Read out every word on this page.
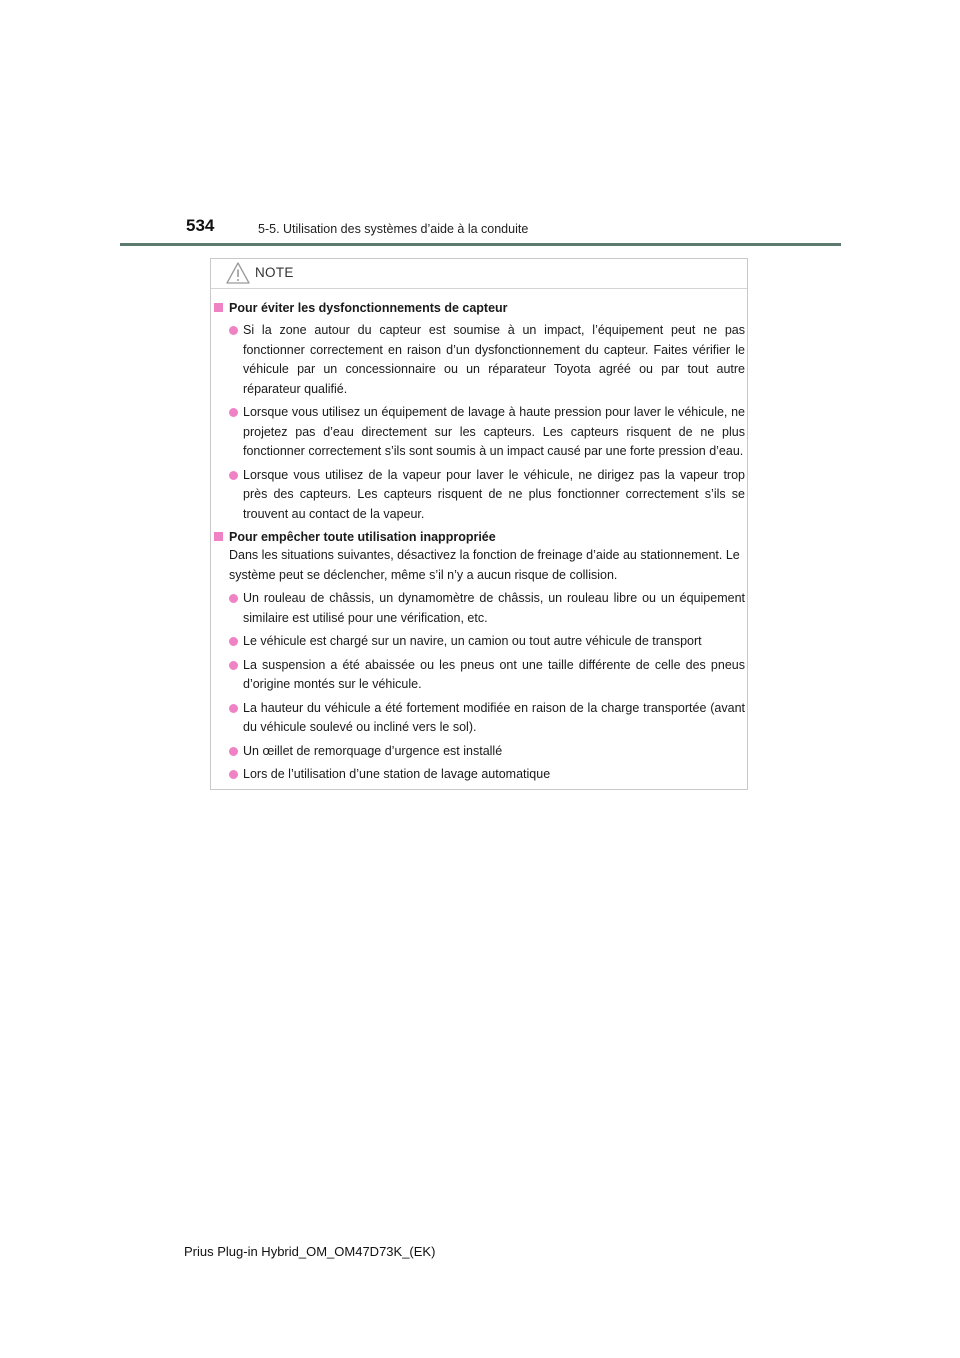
534	5-5. Utilisation des systèmes d’aide à la conduite
NOTE
Pour éviter les dysfonctionnements de capteur
Si la zone autour du capteur est soumise à un impact, l’équipement peut ne pas fonctionner correctement en raison d’un dysfonctionnement du capteur. Faites vérifier le véhicule par un concessionnaire ou un réparateur Toyota agréé ou par tout autre réparateur qualifié.
Lorsque vous utilisez un équipement de lavage à haute pression pour laver le véhicule, ne projetez pas d’eau directement sur les capteurs. Les capteurs risquent de ne plus fonctionner correctement s’ils sont soumis à un impact causé par une forte pression d’eau.
Lorsque vous utilisez de la vapeur pour laver le véhicule, ne dirigez pas la vapeur trop près des capteurs. Les capteurs risquent de ne plus fonctionner correctement s’ils se trouvent au contact de la vapeur.
Pour empêcher toute utilisation inappropriée
Dans les situations suivantes, désactivez la fonction de freinage d’aide au stationnement. Le système peut se déclencher, même s’il n’y a aucun risque de collision.
Un rouleau de châssis, un dynamomètre de châssis, un rouleau libre ou un équipement similaire est utilisé pour une vérification, etc.
Le véhicule est chargé sur un navire, un camion ou tout autre véhicule de transport
La suspension a été abaissée ou les pneus ont une taille différente de celle des pneus d’origine montés sur le véhicule.
La hauteur du véhicule a été fortement modifiée en raison de la charge transportée (avant du véhicule soulevé ou incliné vers le sol).
Un œillet de remorquage d’urgence est installé
Lors de l’utilisation d’une station de lavage automatique
Prius Plug-in Hybrid_OM_OM47D73K_(EK)
